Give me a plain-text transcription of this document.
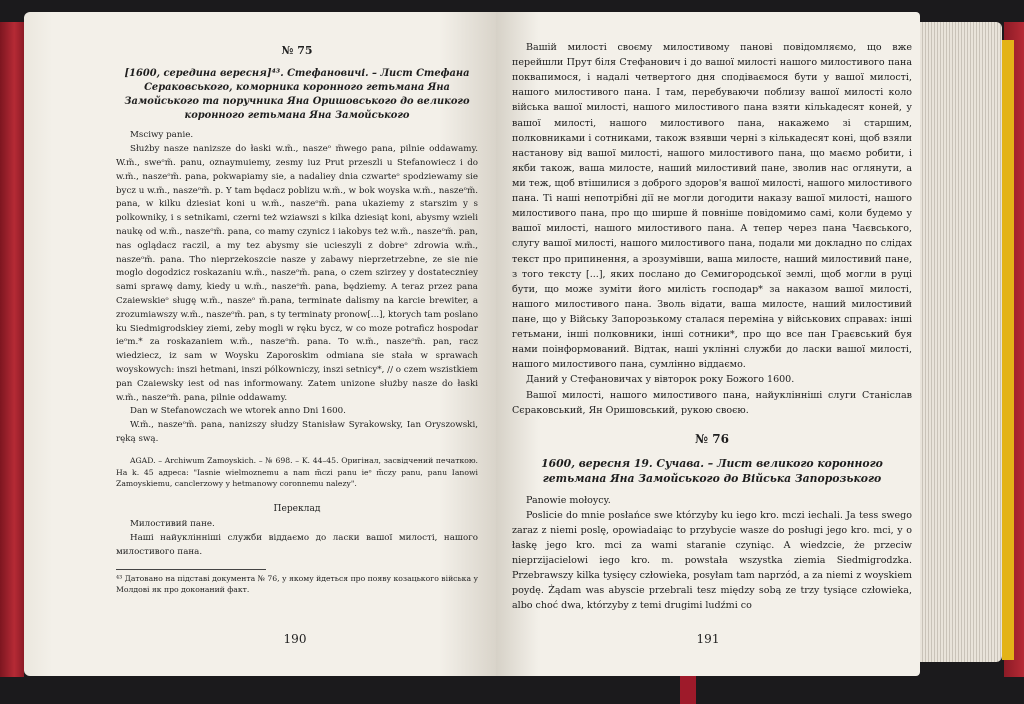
№ 75
[1600, середина вересня]⁴³. Стефановичі. – Лист Стефана Сераковського, коморника коронного гетьмана Яна Замойського та поручника Яна Оришовського до великого коронного гетьмана Яна Замойського

Msciwy panie.

Służby nasze nanizsze do łaski w.m̃., naszeᵒ m̃wego pana, pilnie oddawamy. W.m̃., sweᵒm̃. panu, oznaymuiemy, zesmy iuz Prut przeszli u Stefanowiecz i do w.m̃., naszeᵒm̃. pana, pokwapiamy sie, a nadaliey dnia czwarteᵒ spodziewamy sie bycz u w.m̃., naszeᵒm̃. p. Y tam będacz poblizu w.m̃., w bok woyska w.m̃., naszeᵒm̃. pana, w kilku dziesiat koni u w.m̃., naszeᵒm̃. pana ukaziemy z starszim y s polkowniky, i s setnikami, czerni też wziawszi s kilka dziesiąt koni, abysmy wzieli naukę od w.m̃., naszeᵒm̃. pana, co mamy czynicz i iakobys też w.m̃., naszeᵒm̃. pan, nas oglądacz raczil, a my tez abysmy sie ucieszyli z dobreᵒ zdrowia w.m̃., naszeᵒm̃. pana. Tho nieprzekoszcie nasze y zabawy nieprzetrzebne, ze sie nie moglo dogodzicz roskazaniu w.m̃., naszeᵒm̃. pana, o czem szirzey y dostateczniey sami sprawę damy, kiedy u w.m̃., naszeᵒm̃. pana, będziemy. A teraz przez pana Czaiewskieᵒ sługę w.m̃., naszeᵒ m̃.pana, terminate dalismy na karcie brewiter, a zrozumiawszy w.m̃., naszeᵒm̃. pan, s ty terminaty pronow[...], ktorych tam poslano ku Siedmigrodskiey ziemi, zeby mogli w ręku bycz, w co moze potraficz hospodar ieᵒm.* za roskazaniem w.m̃., naszeᵒm̃. pana. To w.m̃., naszeᵒm̃. pan, racz wiedziecz, iz sam w Woysku Zaporoskim odmiana sie stała w sprawach woyskowych: inszi hetmani, inszi pólkowniczy, inszi setnicy*, // o czem wszistkiem pan Czaiewsky iest od nas informowany. Zatem unizone służby nasze do łaski w.m̃., naszeᵒm̃. pana, pilnie oddawamy.

Dan w Stefanowczach we wtorek anno Dni 1600.

W.m̃., naszeᵒm̃. pana, nanizszy słudzy Stanisław Syrakowsky, Ian Oryszowski, ręką swą.

AGAD. – Archiwum Zamoyskich. – № 698. – K. 44–45. Оригінал, засвідчений печаткою. На k. 45 адреса: "Iasnie wielmoznemu a nam m̃czi panu ieᵒ m̃czy panu, panu Ianowi Zamoyskiemu, canclerzowy y hetmanowy coronnemu nalezy".

Переклад

Милостивий пане.

Наші найуклінніші служби віддаємо до ласки вашої милості, нашого милостивого пана.

⁴³ Датовано на підставі документа № 76, у якому йдеться про появу козацького війська у Молдові як про доконаний факт.

190

Вашій милості своєму милостивому панові повідомляємо, що вже перейшли Прут біля Стефанович і до вашої милості нашого милостивого пана поквапимося, і надалі четвертого дня сподіваємося бути у вашої милості, нашого милостивого пана. І там, перебуваючи поблизу вашої милості коло війська вашої милості, нашого милостивого пана взяти кільkaдесят коней, у вашої милості, нашого милостивого пана, накажемо зі старшим, полковниками і сотниками, також взявши черні з кількадесят коні, щоб взяли настанову від вашої милості, нашого милостивого пана, що маємо робити, і якби також, ваша милосте, наший милостивий пане, зволив нас оглянути, а ми теж, щоб втішилися з доброго здоров'я вашої милості, нашого милостивого пана. Ті наші непотрібні дії не могли догодити наказу вашої милості, нашого милостивого пана, про що ширше й повніше повідомимо самі, коли будемо у вашої милості, нашого милостивого пана. А тепер через пана Чаєвського, слугу вашої милості, нашого милостивого пана, подали ми докладно по слідах текст про припинення, а зрозумівши, ваша милосте, наший милостивий пане, з того тексту [...], яких послано до Семигородської землі, щоб могли в руці бути, що може зуміти його милість господар* за наказом вашої милості, нашого милостивого пана. Зволь відати, ваша милосте, наший милостивий пане, що у Війську Запорозькому сталася переміна у військових справах: інші гетьмани, інші полковники, інші сотники*, про що все пан Граєвський буя нами поінформований. Відтак, наші уклінні служби до ласки вашої милості, нашого милостивого пана, сумлінно віддаємо.

Даний у Стефановичах у вівторок року Божого 1600.

Вашої милості, нашого милостивого пана, найуклінніші слуги Станіслав Сєраковський, Ян Оришовський, рукою своєю.

№ 76
1600, вересня 19. Сучава. – Лист великого коронного гетьмана Яна Замойського до Війська Запорозького

Panowie mołoycy.

Poslicie do mnie posłańce swe którzyby ku iego kro. mczi iechali. Ja tess swego zaraz z niemi poslę, opowiadaiąc to przybycie wasze do posługi jego kro. mci, y o łaskę jego kro. mci za wami staranie czyniąc. A wiedzcie, że przeciw nieprzijacielowi iego kro. m. powstała wszystka ziemia Siedmigrodzka. Przebrawszy kilka tysięcy człowieka, posyłam tam naprzód, a za niemi z woyskiem poydę. Żądam was abyscie przebrali tesz między sobą ze trzy tysiące człowieka, albo choć dwa, którzyby z temi drugimi ludźmi co

191
